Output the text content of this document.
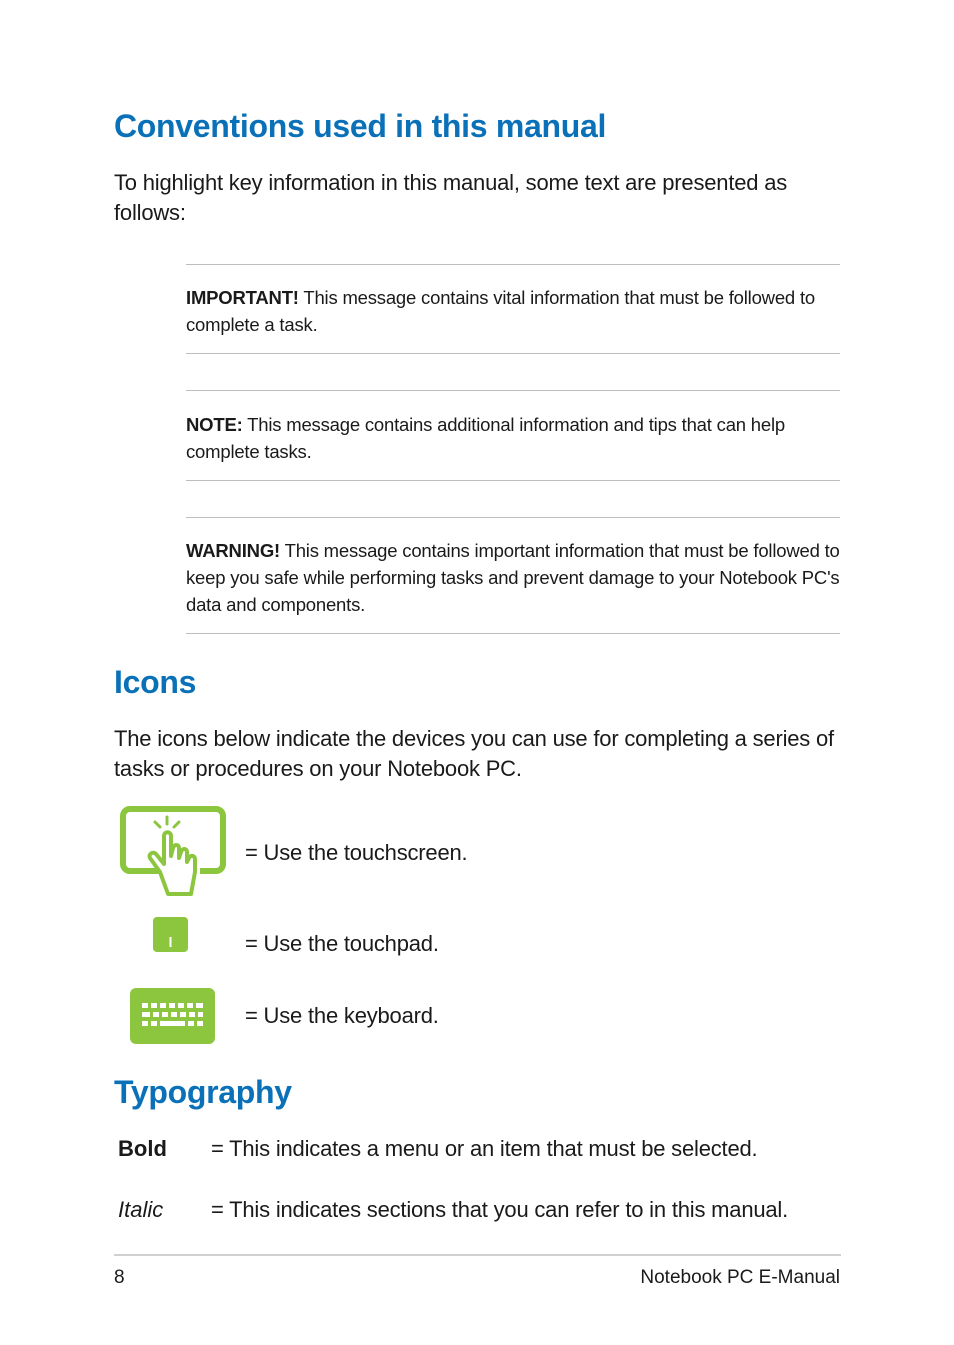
Conventions used in this manual

To highlight key information in this manual, some text are presented as follows:

IMPORTANT! This message contains vital information that must be followed to complete a task.

NOTE: This message contains additional information and tips that can help complete tasks.

WARNING! This message contains important information that must be followed to keep you safe while performing tasks and prevent damage to your Notebook PC's data and components.

Icons

The icons below indicate the devices you can use for completing a series of tasks or procedures on your Notebook PC.

= Use the touchscreen.

= Use the touchpad.

= Use the keyboard.

Typography
Bold = This indicates a menu or an item that must be selected.
Italic = This indicates sections that you can refer to in this manual.
8	Notebook PC E-Manual
